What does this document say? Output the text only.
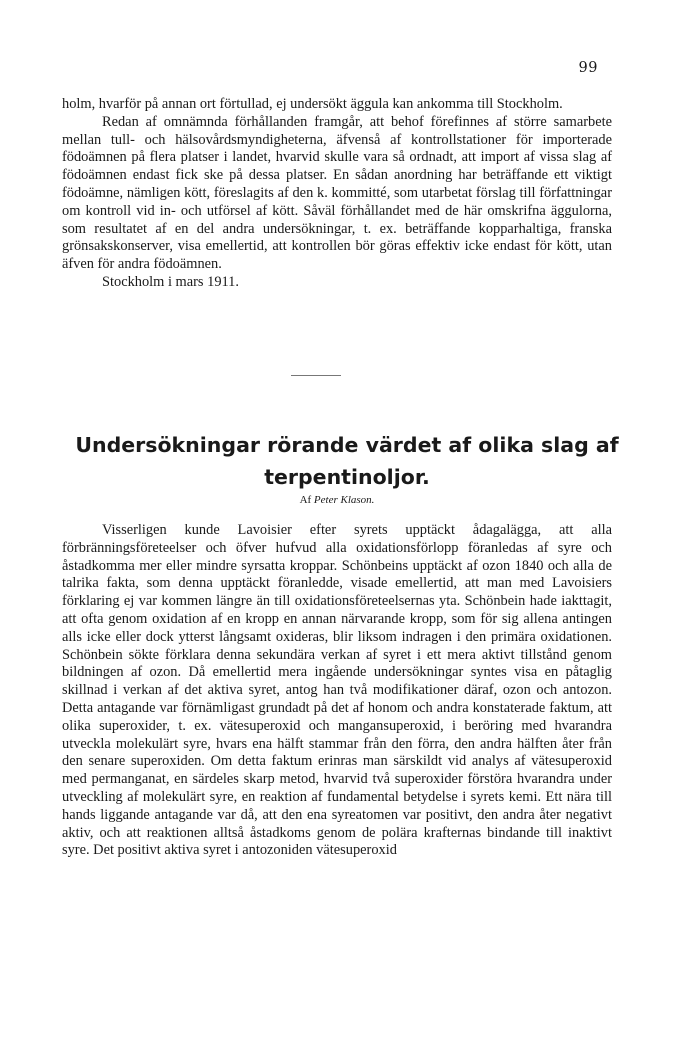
99

holm, hvarför på annan ort förtullad, ej undersökt äggula kan ankomma till Stockholm.

Redan af omnämnda förhållanden framgår, att behof förefinnes af större samarbete mellan tull- och hälsovårdsmyndigheterna, äfvenså af kontrollstationer för importerade födoämnen på flera platser i landet, hvarvid skulle vara så ordnadt, att import af vissa slag af födoämnen endast fick ske på dessa platser. En sådan anordning har beträffande ett viktigt födoämne, nämligen kött, föreslagits af den k. kommitté, som utarbetat förslag till författningar om kontroll vid in- och utförsel af kött. Såväl förhållandet med de här omskrifna äggulorna, som resultatet af en del andra undersökningar, t. ex. beträffande kopparhaltiga, franska grönsakskonserver, visa emellertid, att kontrollen bör göras effektiv icke endast för kött, utan äfven för andra födoämnen.

Stockholm i mars 1911.

Undersökningar rörande värdet af olika slag af
terpentinoljor.
Af Peter Klason.

Visserligen kunde Lavoisier efter syrets upptäckt ådagalägga, att alla förbränningsföreteelser och öfver hufvud alla oxidationsförlopp föranledas af syre och åstadkomma mer eller mindre syrsatta kroppar. Schönbeins upptäckt af ozon 1840 och alla de talrika fakta, som denna upptäckt föranledde, visade emellertid, att man med Lavoisiers förklaring ej var kommen längre än till oxidationsföreteelsernas yta. Schönbein hade iakttagit, att ofta genom oxidation af en kropp en annan närvarande kropp, som för sig allena antingen alls icke eller dock ytterst långsamt oxideras, blir liksom indragen i den primära oxidationen. Schönbein sökte förklara denna sekundära verkan af syret i ett mera aktivt tillstånd genom bildningen af ozon. Då emellertid mera ingående undersökningar syntes visa en påtaglig skillnad i verkan af det aktiva syret, antog han två modifikationer däraf, ozon och antozon. Detta antagande var förnämligast grundadt på det af honom och andra konstaterade faktum, att olika superoxider, t. ex. vätesuperoxid och mangansuperoxid, i beröring med hvarandra utveckla molekulärt syre, hvars ena hälft stammar från den förra, den andra hälften åter från den senare superoxiden. Om detta faktum erinras man särskildt vid analys af vätesuperoxid med permanganat, en särdeles skarp metod, hvarvid två superoxider förstöra hvarandra under utveckling af molekulärt syre, en reaktion af fundamental betydelse i syrets kemi. Ett nära till hands liggande antagande var då, att den ena syreatomen var positivt, den andra åter negativt aktiv, och att reaktionen alltså åstadkoms genom de polära krafternas bindande till inaktivt syre. Det positivt aktiva syret i antozoniden vätesuperoxid
